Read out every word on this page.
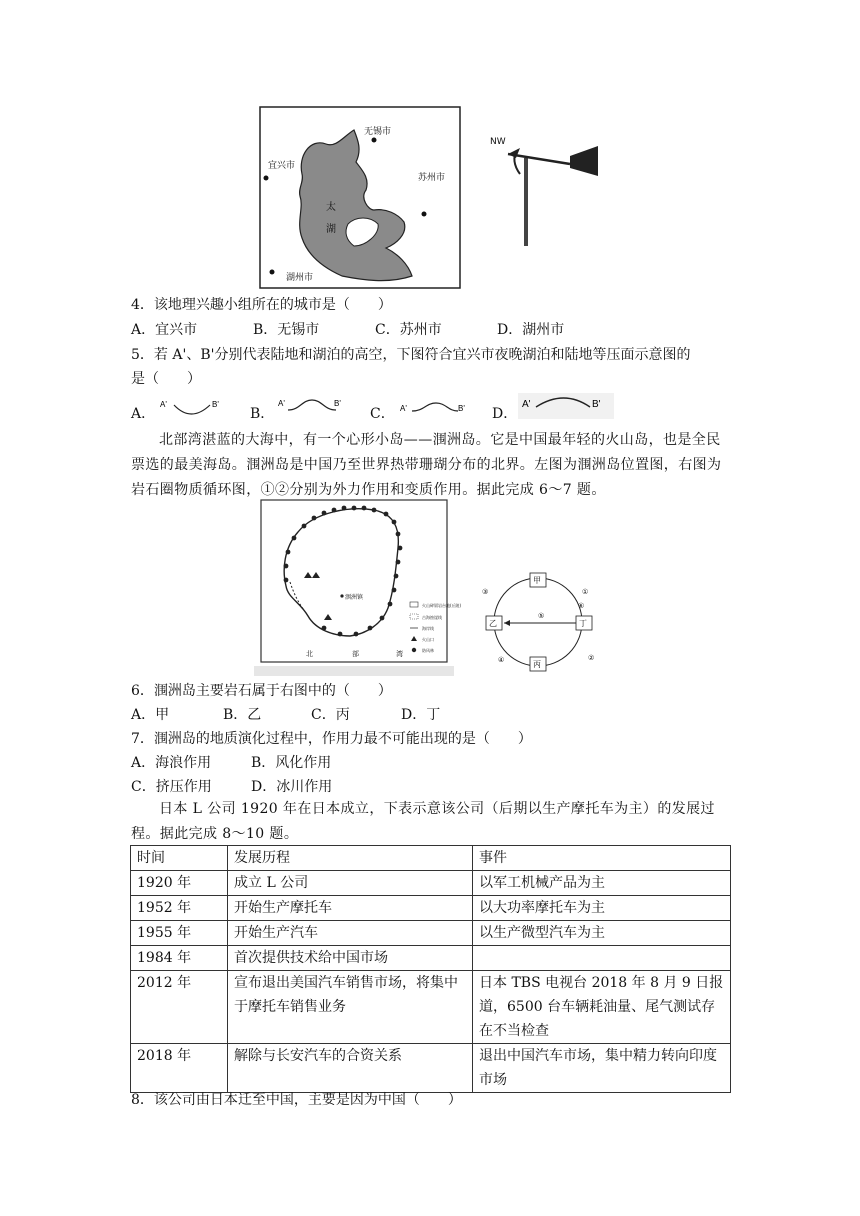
无锡市
宜兴市
苏州市
湖州市
太
湖
NW
4．该地理兴趣小组所在的城市是（　　）
A．宜兴市	B．无锡市	C．苏州市	D．湖州市
5．若 A'、B'分别代表陆地和湖泊的高空，下图符合宜兴市夜晚湖泊和陆地等压面示意图的
是（　　）
A．
A'	B'
B．
A'	B'
C． A'	B' D．
A'	B'
北部湾湛蓝的大海中，有一个心形小岛——涠洲岛。它是中国最年轻的火山岛，也是全民票选的最美海岛。涠洲岛是中国乃至世界热带珊瑚分布的北界。左图为涠洲岛位置图，右图为岩石圈物质循环图，①②分别为外力作用和变质作用。据此完成 6～7 题。
涠洲镇
北	部	湾
火山碎屑岩台地(丘陵)
古海蚀崖线
海岸线
火山口
防风林
甲
乙
丙
丁
①
②
③
④
⑤
⑥
6．涠洲岛主要岩石属于右图中的（　　）
A．甲	B．乙	C．丙	D．丁
7．涠洲岛的地质演化过程中，作用力最不可能出现的是（　　）
A．海浪作用	B．风化作用
C．挤压作用	D．冰川作用
日本 L 公司 1920 年在日本成立，下表示意该公司（后期以生产摩托车为主）的发展过程。据此完成 8～10 题。
时间	发展历程	事件
1920 年	成立 L 公司	以军工机械产品为主
1952 年	开始生产摩托车	以大功率摩托车为主
1955 年	开始生产汽车	以生产微型汽车为主
1984 年	首次提供技术给中国市场	
2012 年	宣布退出美国汽车销售市场，将集中于摩托车销售业务	日本 TBS 电视台 2018 年 8 月 9 日报道，6500 台车辆耗油量、尾气测试存在不当检查
2018 年	解除与长安汽车的合资关系	退出中国汽车市场，集中精力转向印度市场
8．该公司由日本迁至中国，主要是因为中国（　　）
